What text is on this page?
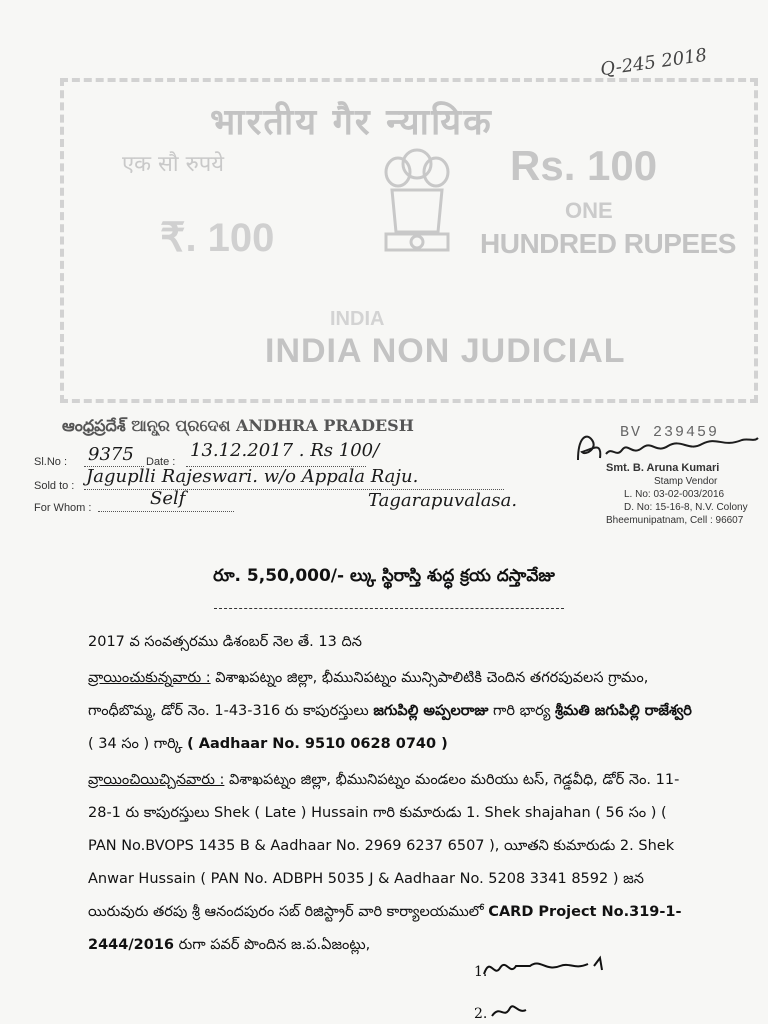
भारतीय गैर न्यायिक
एक सौ रुपये	Rs. 100
ONE
HUNDRED RUPEES
₹. 100
INDIA
INDIA NON JUDICIAL
Q-245 2018
ఆంధ్రప్రదేశ్ ଆନ୍ଧ୍ର ପ୍ରଦେଶ ANDHRA PRADESH
Sl.No : 9375 Date :
13.12.2017 . Rs 100/
Sold to : Jaguplli Rajeswari. w/o Appala Raju.
Tagarapuvalasa.
For Whom :	Self
BV 239459
Smt. B. Aruna Kumari
Stamp Vendor
L. No: 03-02-003/2016
D. No: 15-16-8, N.V. Colony
Bheemunipatnam, Cell : 96607
రూ. 5,50,000/- ల్కు స్థిరాస్తి శుద్ధ క్రయ దస్తావేజు
2017 వ సంవత్సరము డిశంబర్ నెల తే. 13 దిన
వ్రాయించుకున్నవారు : విశాఖపట్నం జిల్లా, భీమునిపట్నం మున్సిపాలిటికి చెందిన తగరపువలస గ్రామం, గాంధీబొమ్మ, డోర్ నెం. 1-43-316 రు కాపురస్తులు జగుపిల్లి అప్పలరాజు గారి భార్య శ్రీమతి జగుపిల్లి రాజేశ్వరి ( 34 సం ) గార్కి ( Aadhaar No. 9510 0628 0740 )
వ్రాయించియిచ్చినవారు : విశాఖపట్నం జిల్లా, భీమునిపట్నం మండలం మరియు టస్, గెడ్డవీధి, డోర్ నెం. 11-28-1 రు కాపురస్తులు Shek ( Late ) Hussain గారి కుమారుడు 1. Shek shajahan ( 56 సం ) ( PAN No.BVOPS 1435 B & Aadhaar No. 2969 6237 6507 ), యీతని కుమారుడు 2. Shek Anwar Hussain ( PAN No. ADBPH 5035 J & Aadhaar No. 5208 3341 8592 ) జన యిరువురు తరపు శ్రీ ఆనందపురం సబ్ రిజిస్ట్రార్ వారి కార్యాలయములో CARD Project No.319-1-2444/2016 రుగా పవర్ పొందిన జ.ప.ఏజంట్లు,
1.
2.
